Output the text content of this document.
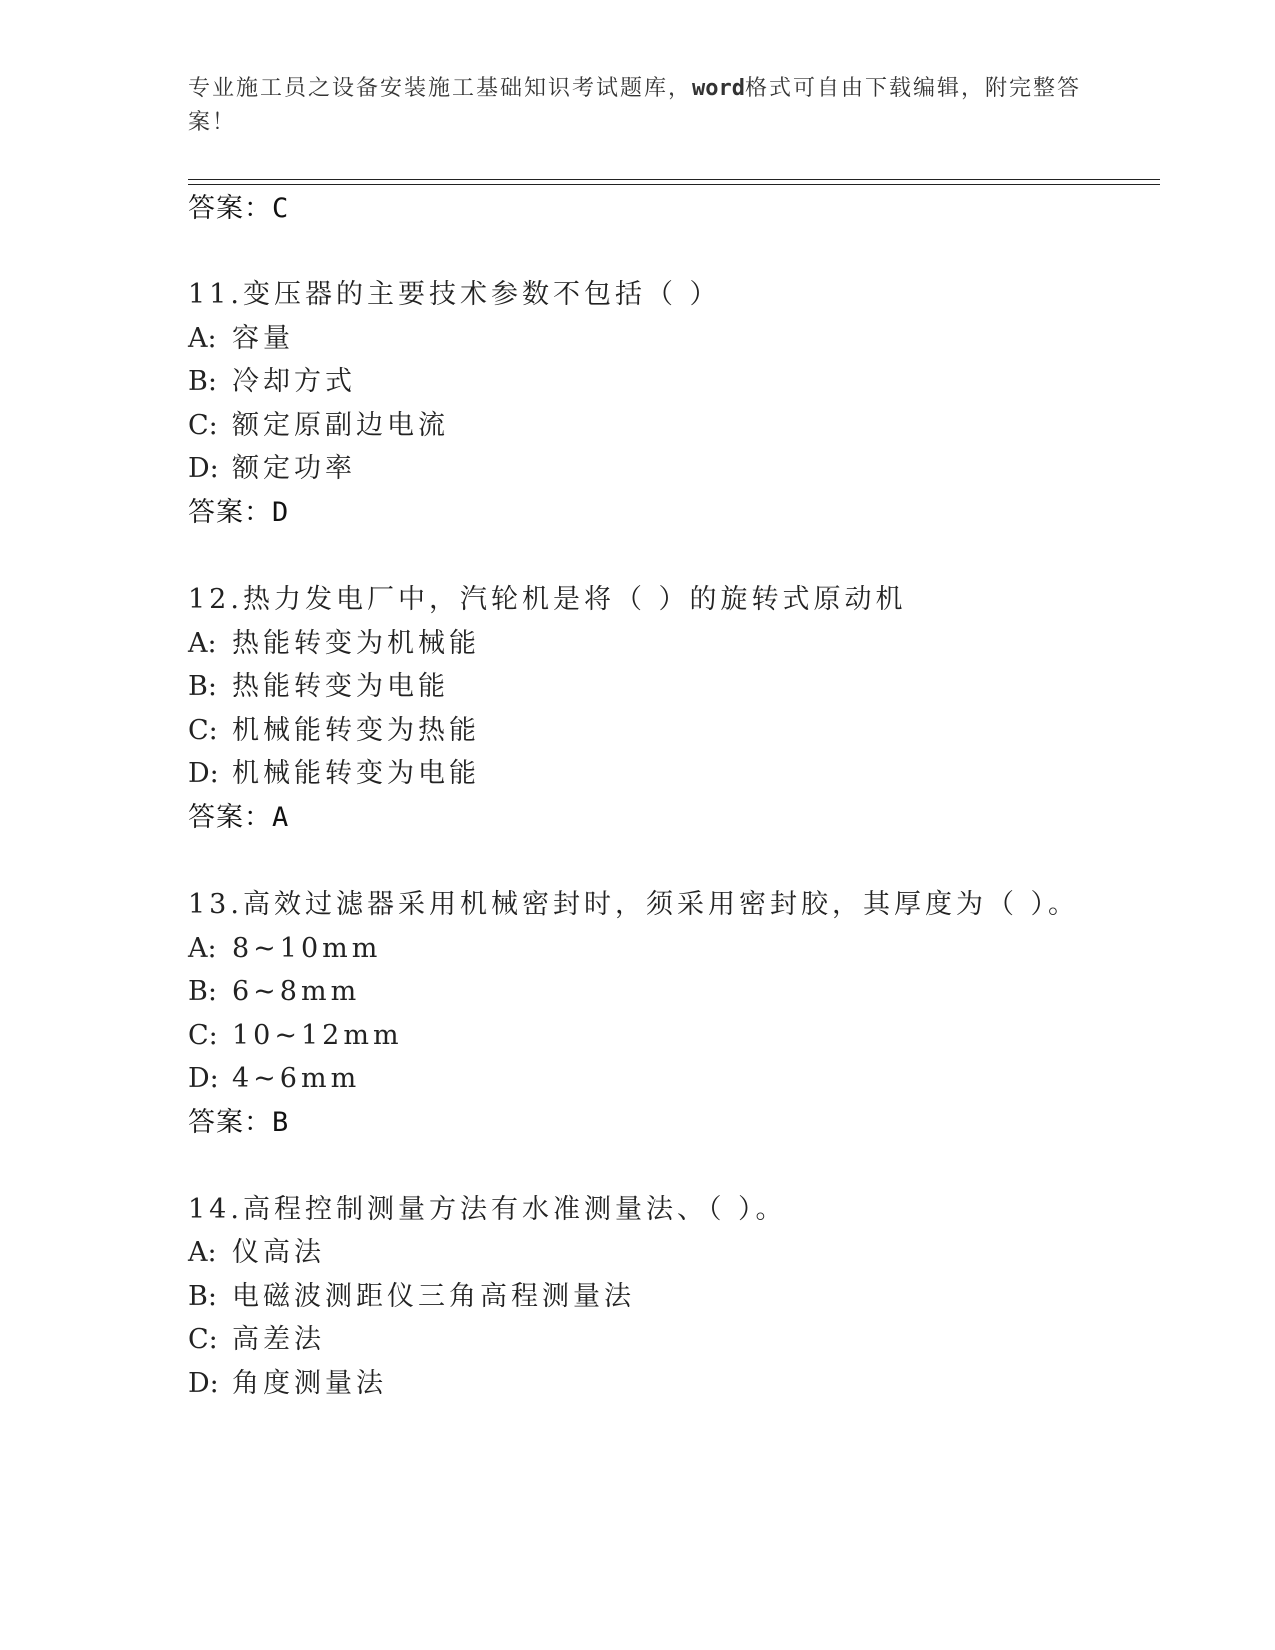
专业施工员之设备安装施工基础知识考试题库，word格式可自由下载编辑，附完整答案！
答案：C
11.变压器的主要技术参数不包括（ ）
A: 容量
B: 冷却方式
C: 额定原副边电流
D: 额定功率
答案：D
12.热力发电厂中，汽轮机是将（ ）的旋转式原动机
A: 热能转变为机械能
B: 热能转变为电能
C: 机械能转变为热能
D: 机械能转变为电能
答案：A
13.高效过滤器采用机械密封时，须采用密封胶，其厚度为（ ）。
A: 8~10mm
B: 6~8mm
C: 10~12mm
D: 4~6mm
答案：B
14.高程控制测量方法有水准测量法、（ ）。
A: 仪高法
B: 电磁波测距仪三角高程测量法
C: 高差法
D: 角度测量法
